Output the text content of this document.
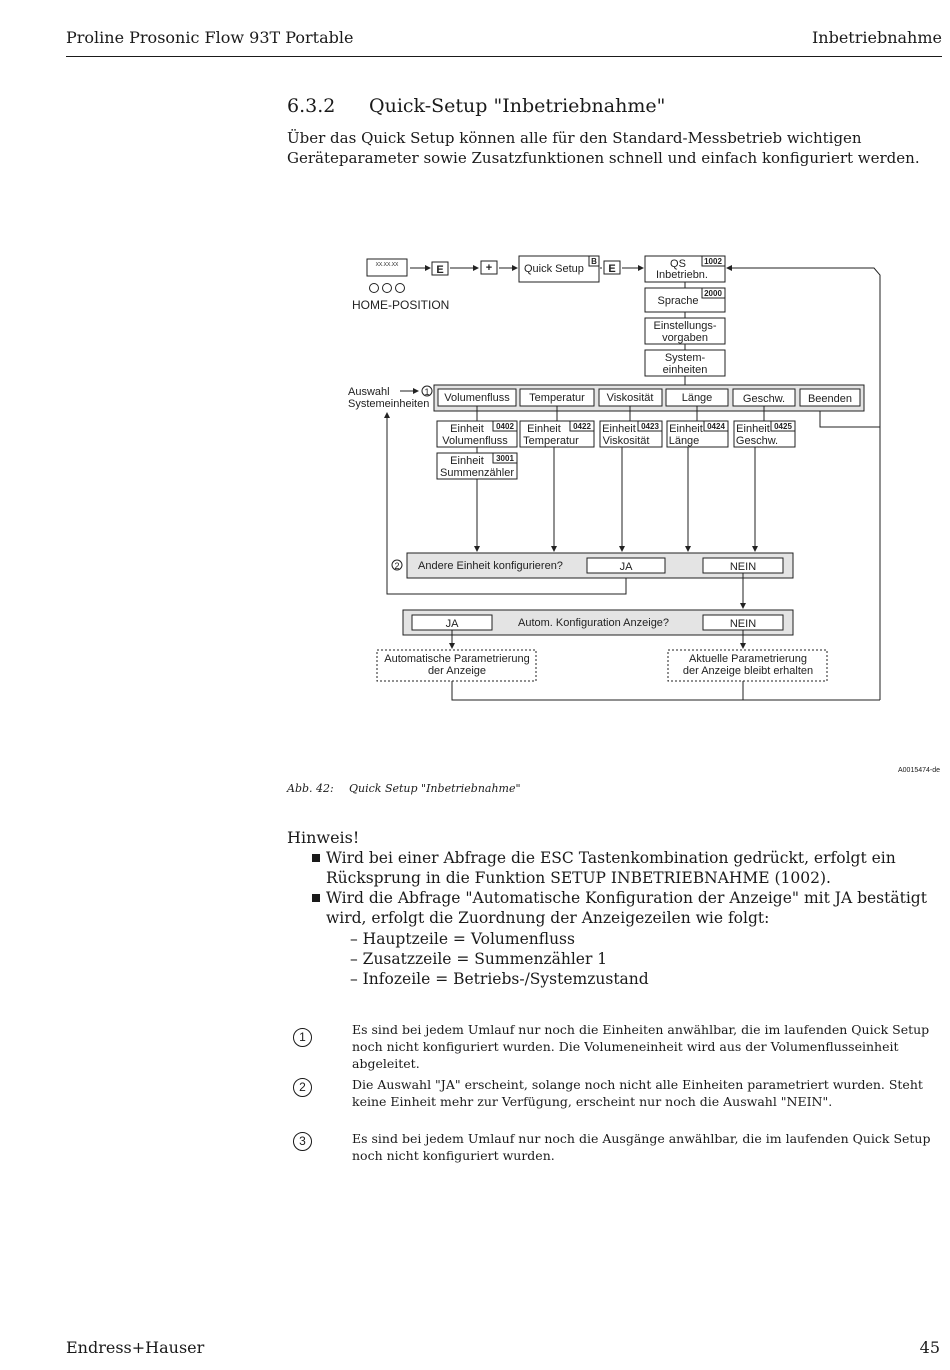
Proline Prosonic Flow 93T Portable	Inbetriebnahme
6.3.2 Quick-Setup "Inbetriebnahme"
Über das Quick Setup können alle für den Standard-Messbetrieb wichtigen Geräteparameter sowie Zusatzfunktionen schnell und einfach konfiguriert werden.
XX.XX.XX
HOME-POSITION
E	+	E
Quick Setup
B	QS
Inbetriebn.
1002
Sprache
2000
Einstellungs-
vorgaben
System-
einheiten
Auswahl
Systemeinheiten
1 Volumenfluss Temperatur Viskosität	Länge	Geschw. Beenden
Einheit
Volumenfluss
0402 Einheit
Temperatur
0422 Einheit
Viskosität
0423 Einheit
Länge
0424 Einheit
Geschw.
0425
Einheit
Summenzähler
3001
2 Andere Einheit konfigurieren?	JA	NEIN
JA	Autom. Konfiguration Anzeige?	NEIN
Automatische Parametrierung
der Anzeige
Aktuelle Parametrierung
der Anzeige bleibt erhalten
A0015474-de
Abb. 42: Quick Setup "Inbetriebnahme"
Hinweis!
Wird bei einer Abfrage die ESC Tastenkombination gedrückt, erfolgt ein Rücksprung in die Funktion SETUP INBETRIEBNAHME (1002).
Wird die Abfrage "Automatische Konfiguration der Anzeige" mit JA bestätigt wird, erfolgt die Zuordnung der Anzeigezeilen wie folgt:
– Hauptzeile = Volumenfluss
– Zusatzzeile = Summenzähler 1
– Infozeile = Betriebs-/Systemzustand
1	Es sind bei jedem Umlauf nur noch die Einheiten anwählbar, die im laufenden Quick Setup noch nicht konfiguriert wurden. Die Volumeneinheit wird aus der Volumenflusseinheit abgeleitet.
2	Die Auswahl "JA" erscheint, solange noch nicht alle Einheiten parametriert wurden. Steht keine Einheit mehr zur Verfügung, erscheint nur noch die Auswahl "NEIN".
3	Es sind bei jedem Umlauf nur noch die Ausgänge anwählbar, die im laufenden Quick Setup noch nicht konfiguriert wurden.
Endress+Hauser	45
